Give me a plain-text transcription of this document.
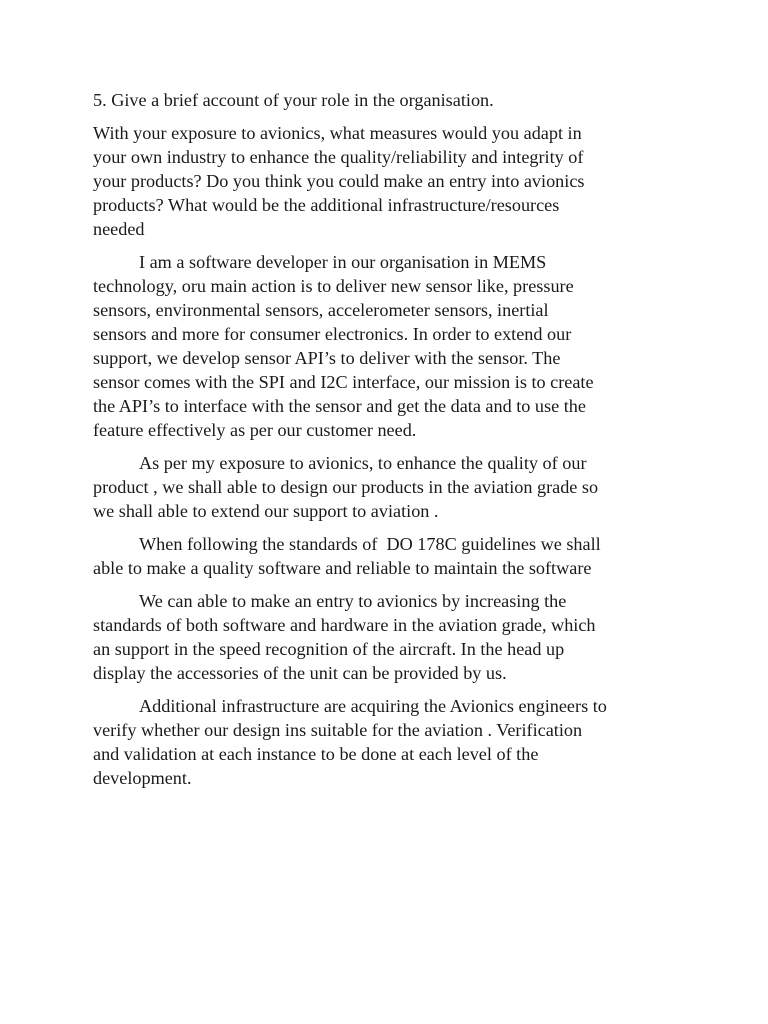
5. Give a brief account of your role in the organisation.

With your exposure to avionics, what measures would you adapt in
your own industry to enhance the quality/reliability and integrity of
your products? Do you think you could make an entry into avionics
products? What would be the additional infrastructure/resources
needed

I am a software developer in our organisation in MEMS
technology, oru main action is to deliver new sensor like, pressure
sensors, environmental sensors, accelerometer sensors, inertial
sensors and more for consumer electronics. In order to extend our
support, we develop sensor API’s to deliver with the sensor. The
sensor comes with the SPI and I2C interface, our mission is to create
the API’s to interface with the sensor and get the data and to use the
feature effectively as per our customer need.

As per my exposure to avionics, to enhance the quality of our
product , we shall able to design our products in the aviation grade so
we shall able to extend our support to aviation .

When following the standards of  DO 178C guidelines we shall
able to make a quality software and reliable to maintain the software

We can able to make an entry to avionics by increasing the
standards of both software and hardware in the aviation grade, which
an support in the speed recognition of the aircraft. In the head up
display the accessories of the unit can be provided by us.

Additional infrastructure are acquiring the Avionics engineers to
verify whether our design ins suitable for the aviation . Verification
and validation at each instance to be done at each level of the
development.
